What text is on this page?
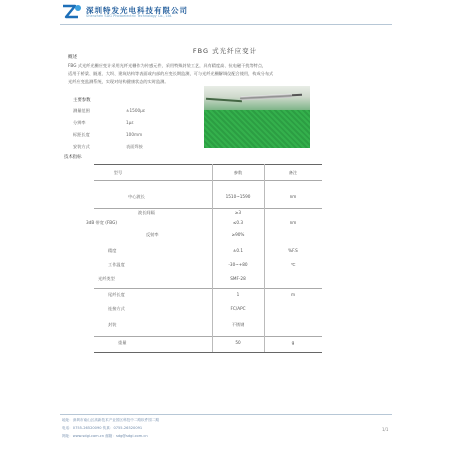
深圳特发光电科技有限公司
Shenzhen SDG Photoelectric Technology Co., Ltd.
FBG 式光纤应变计
概述
FBG 式光纤光栅应变计采用光纤光栅作为传感元件，采用特殊封装工艺，具有精度高、抗电磁干扰等特点，
适用于桥梁、隧道、大坝、建筑结构等表面或内部的应变长期监测，可与光纤光栅解调仪配合使用，构成分布式
光纤应变监测系统，实现对结构健康状态的实时监测。
主要参数
测量范围	±1500με
分辨率	1με
标距长度	100mm
安装方式	表面焊接
技术指标
型号	参数	备注
中心波长	1510~1590	nm
波长间隔	≥3
3dB 带宽 (FBG)	≤0.3	nm
反射率	≥90%
精度	±0.1	%F.S
工作温度	-30~+80	℃
光纤类型	SMF-28
尾纤长度	1	m
连接方式	FC/APC
封装	不锈钢
重量	50	g
地址：深圳市南山区高新技术产业园区科技中二路软件园二期
电话：0755-26520090 传真：0755-26520091
网址：www.sdgi.com.cn 邮箱：sdg@sdgi.com.cn
1/1
